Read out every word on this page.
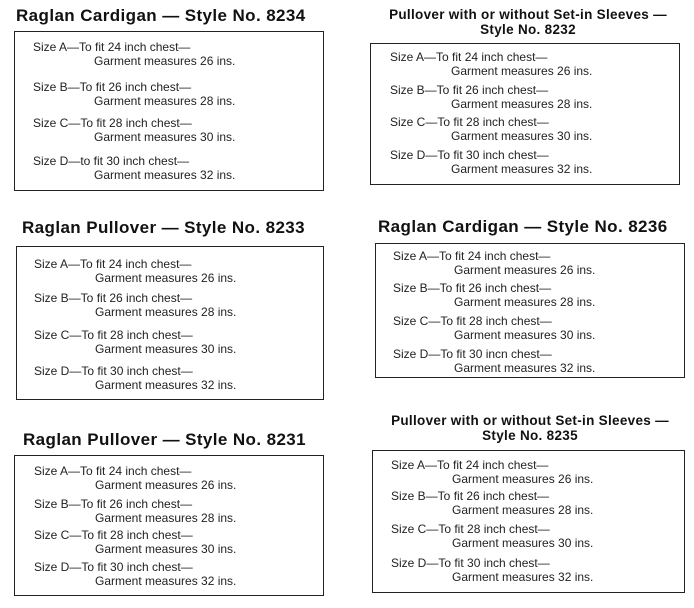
Raglan Cardigan — Style No. 8234
Size A—To fit 24 inch chest—
Garment measures 26 ins.
Size B—To fit 26 inch chest—
Garment measures 28 ins.
Size C—To fit 28 inch chest—
Garment measures 30 ins.
Size D—to fit 30 inch chest—
Garment measures 32 ins.
Pullover with or without Set-in Sleeves —
Style No. 8232
Size A—To fit 24 inch chest—
Garment measures 26 ins.
Size B—To fit 26 inch chest—
Garment measures 28 ins.
Size C—To fit 28 inch chest—
Garment measures 30 ins.
Size D—To fit 30 inch chest—
Garment measures 32 ins.
Raglan Pullover — Style No. 8233
Size A—To fit 24 inch chest—
Garment measures 26 ins.
Size B—To fit 26 inch chest—
Garment measures 28 ins.
Size C—To fit 28 inch chest—
Garment measures 30 ins.
Size D—To fit 30 inch chest—
Garment measures 32 ins.
Raglan Cardigan — Style No. 8236
Size A—To fit 24 inch chest—
Garment measures 26 ins.
Size B—To fit 26 inch chest—
Garment measures 28 ins.
Size C—To fit 28 inch chest—
Garment measures 30 ins.
Size D—To fit 30 incn chest—
Garment measures 32 ins.
Raglan Pullover — Style No. 8231
Size A—To fit 24 inch chest—
Garment measures 26 ins.
Size B—To fit 26 inch chest—
Garment measures 28 ins.
Size C—To fit 28 inch chest—
Garment measures 30 ins.
Size D—To fit 30 inch chest—
Garment measures 32 ins.
Pullover with or without Set-in Sleeves —
Style No. 8235
Size A—To fit 24 inch chest—
Garment measures 26 ins.
Size B—To fit 26 inch chest—
Garment measures 28 ins.
Size C—To fit 28 inch chest—
Garment measures 30 ins.
Size D—To fit 30 inch chest—
Garment measures 32 ins.
